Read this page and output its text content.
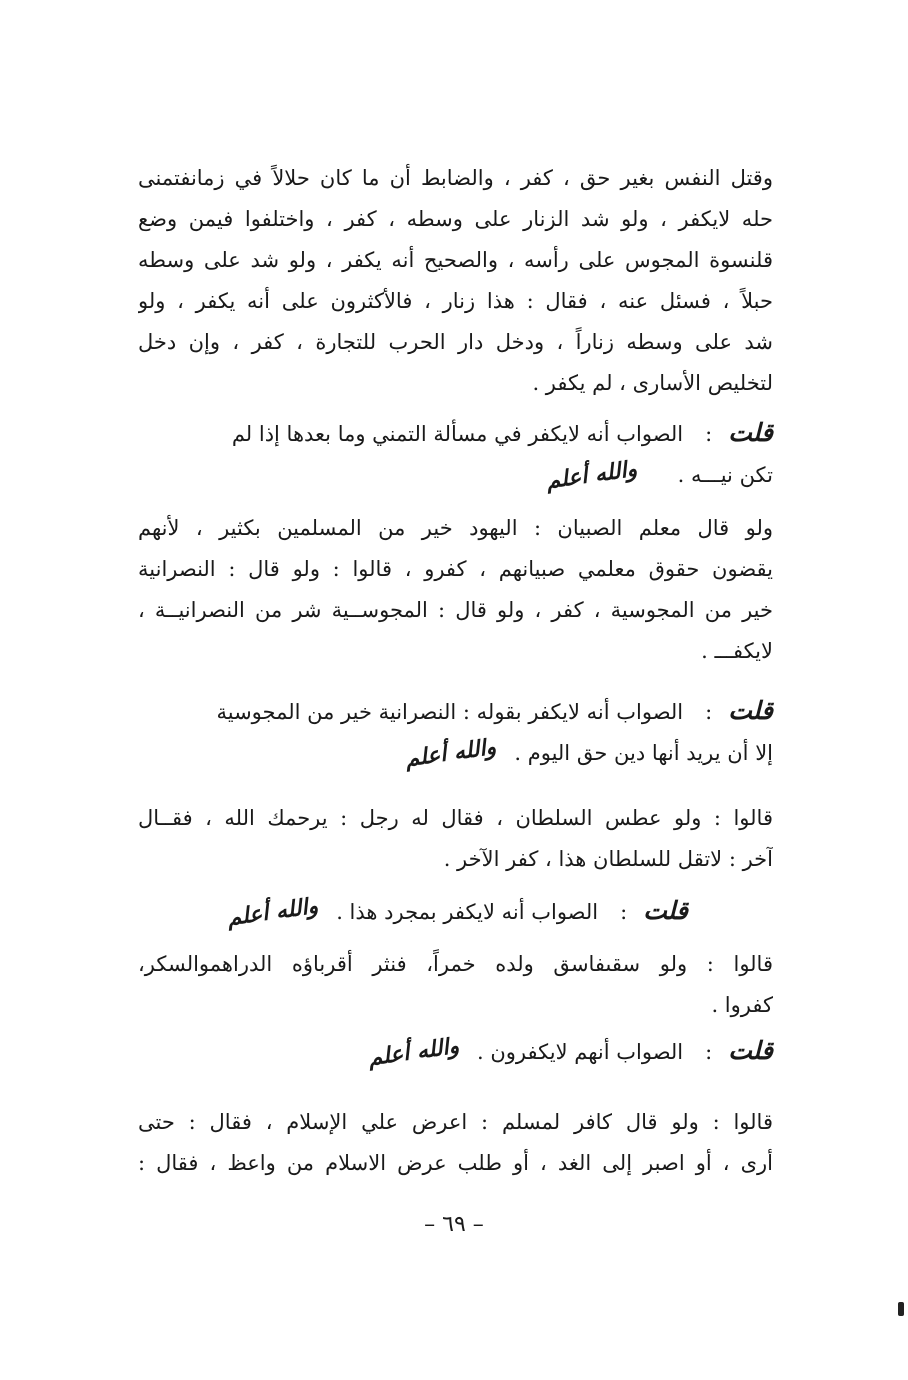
وقتل النفس بغير حق ، كفر ، والضابط أن ما كان حلالاً في زمانفتمنى
حله لايكفر ، ولو شد الزنار على وسطه ، كفر ، واختلفوا فيمن وضع
قلنسوة المجوس على رأسه ، والصحيح أنه يكفر ، ولو شد على وسطه
حبلاً ، فسئل عنه ، فقال : هذا زنار ، فالأكثرون على أنه يكفر ، ولو
شد على وسطه زناراً ، ودخل دار الحرب للتجارة ، كفر ، وإن دخل
لتخليص الأسارى ، لم يكفر .
قلت:الصواب أنه لايكفر في مسألة التمني وما بعدها إذا لم
تكن نيـــه .والله أعلم
ولو قال معلم الصبيان : اليهود خير من المسلمين بكثير ، لأنهم
يقضون حقوق معلمي صبيانهم ، كفرو ، قالوا : ولو قال : النصرانية
خير من المجوسية ، كفر ، ولو قال : المجوســية شر من النصرانيــة ،
لايكفـــ .
قلت:الصواب أنه لايكفر بقوله : النصرانية خير من المجوسية
إلا أن يريد أنها دين حق اليوم .والله أعلم
قالوا : ولو عطس السلطان ، فقال له رجل : يرحمك الله ، فقــال
آخر : لاتقل للسلطان هذا ، كفر الآخر .
قلت:الصواب أنه لايكفر بمجرد هذا .والله أعلم
قالوا : ولو سقىفاسق ولده خمراً، فنثر أقرباؤه الدراهموالسكر،
كفروا .
قلت:الصواب أنهم لايكفرون .والله أعلم
قالوا : ولو قال كافر لمسلم : اعرض علي الإسلام ، فقال : حتى
أرى ، أو اصبر إلى الغد ، أو طلب عرض الاسلام من واعظ ، فقال :
– ٦٩ –
